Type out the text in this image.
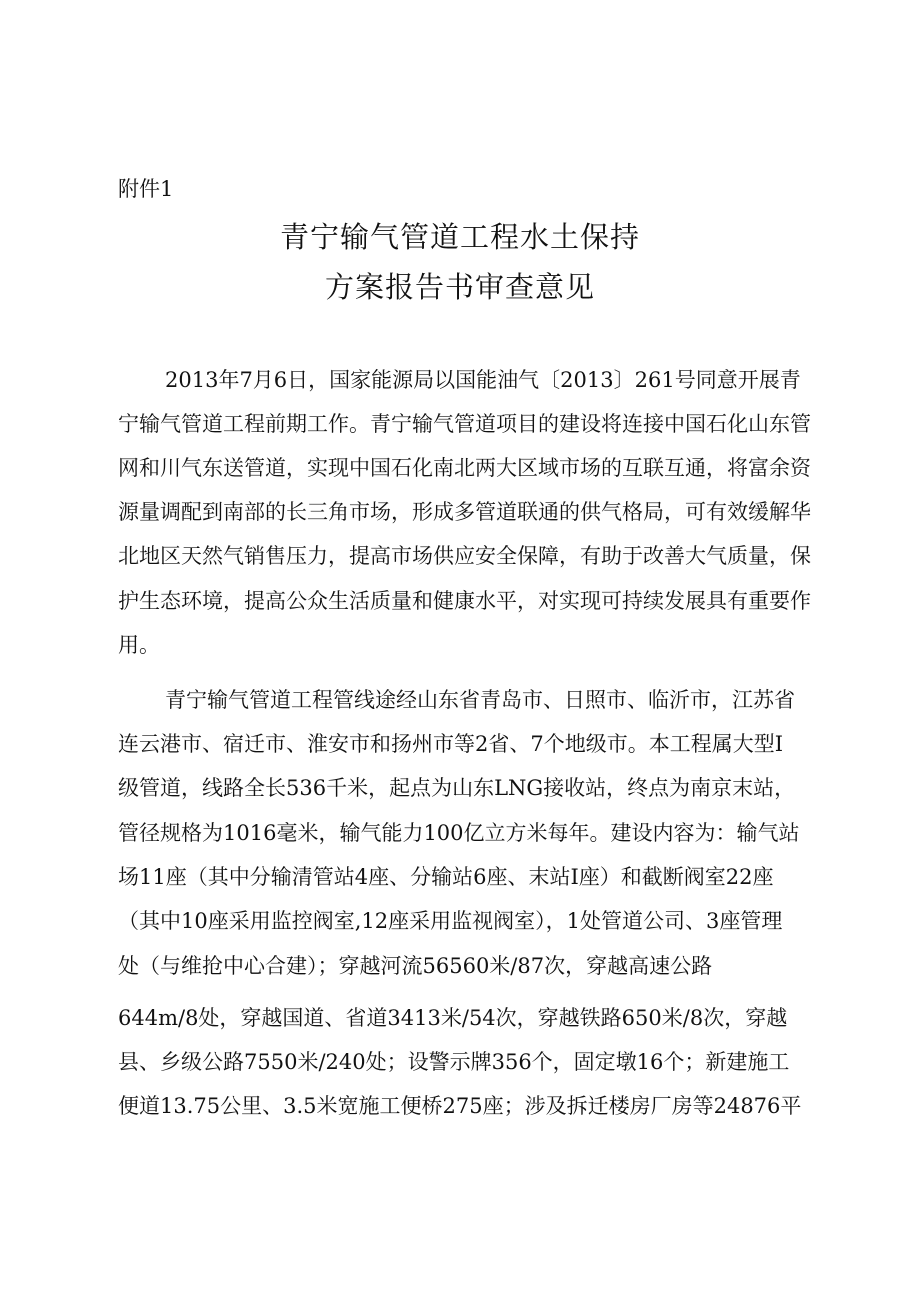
附件1

青宁输气管道工程水土保持
方案报告书审查意见

2013年7月6日，国家能源局以国能油气〔2013〕261号同意开展青

宁输气管道工程前期工作。青宁输气管道项目的建设将连接中国石化山东管

网和川气东送管道，实现中国石化南北两大区域市场的互联互通，将富余资

源量调配到南部的长三角市场，形成多管道联通的供气格局，可有效缓解华

北地区天然气销售压力，提高市场供应安全保障，有助于改善大气质量，保

护生态环境，提高公众生活质量和健康水平，对实现可持续发展具有重要作

用。

青宁输气管道工程管线途经山东省青岛市、日照市、临沂市，江苏省

连云港市、宿迁市、淮安市和扬州市等2省、7个地级市。本工程属大型I

级管道，线路全长536千米，起点为山东LNG接收站，终点为南京末站，

管径规格为1016毫米，输气能力100亿立方米每年。建设内容为：输气站

场11座（其中分输清管站4座、分输站6座、末站I座）和截断阀室22座

（其中10座采用监控阀室,12座采用监视阀室），1处管道公司、3座管理

处（与维抢中心合建）；穿越河流56560米/87次，穿越高速公路

644m/8处，穿越国道、省道3413米/54次，穿越铁路650米/8次，穿越

县、乡级公路7550米/240处；设警示牌356个，固定墩16个；新建施工

便道13.75公里、3.5米宽施工便桥275座；涉及拆迁楼房厂房等24876平
